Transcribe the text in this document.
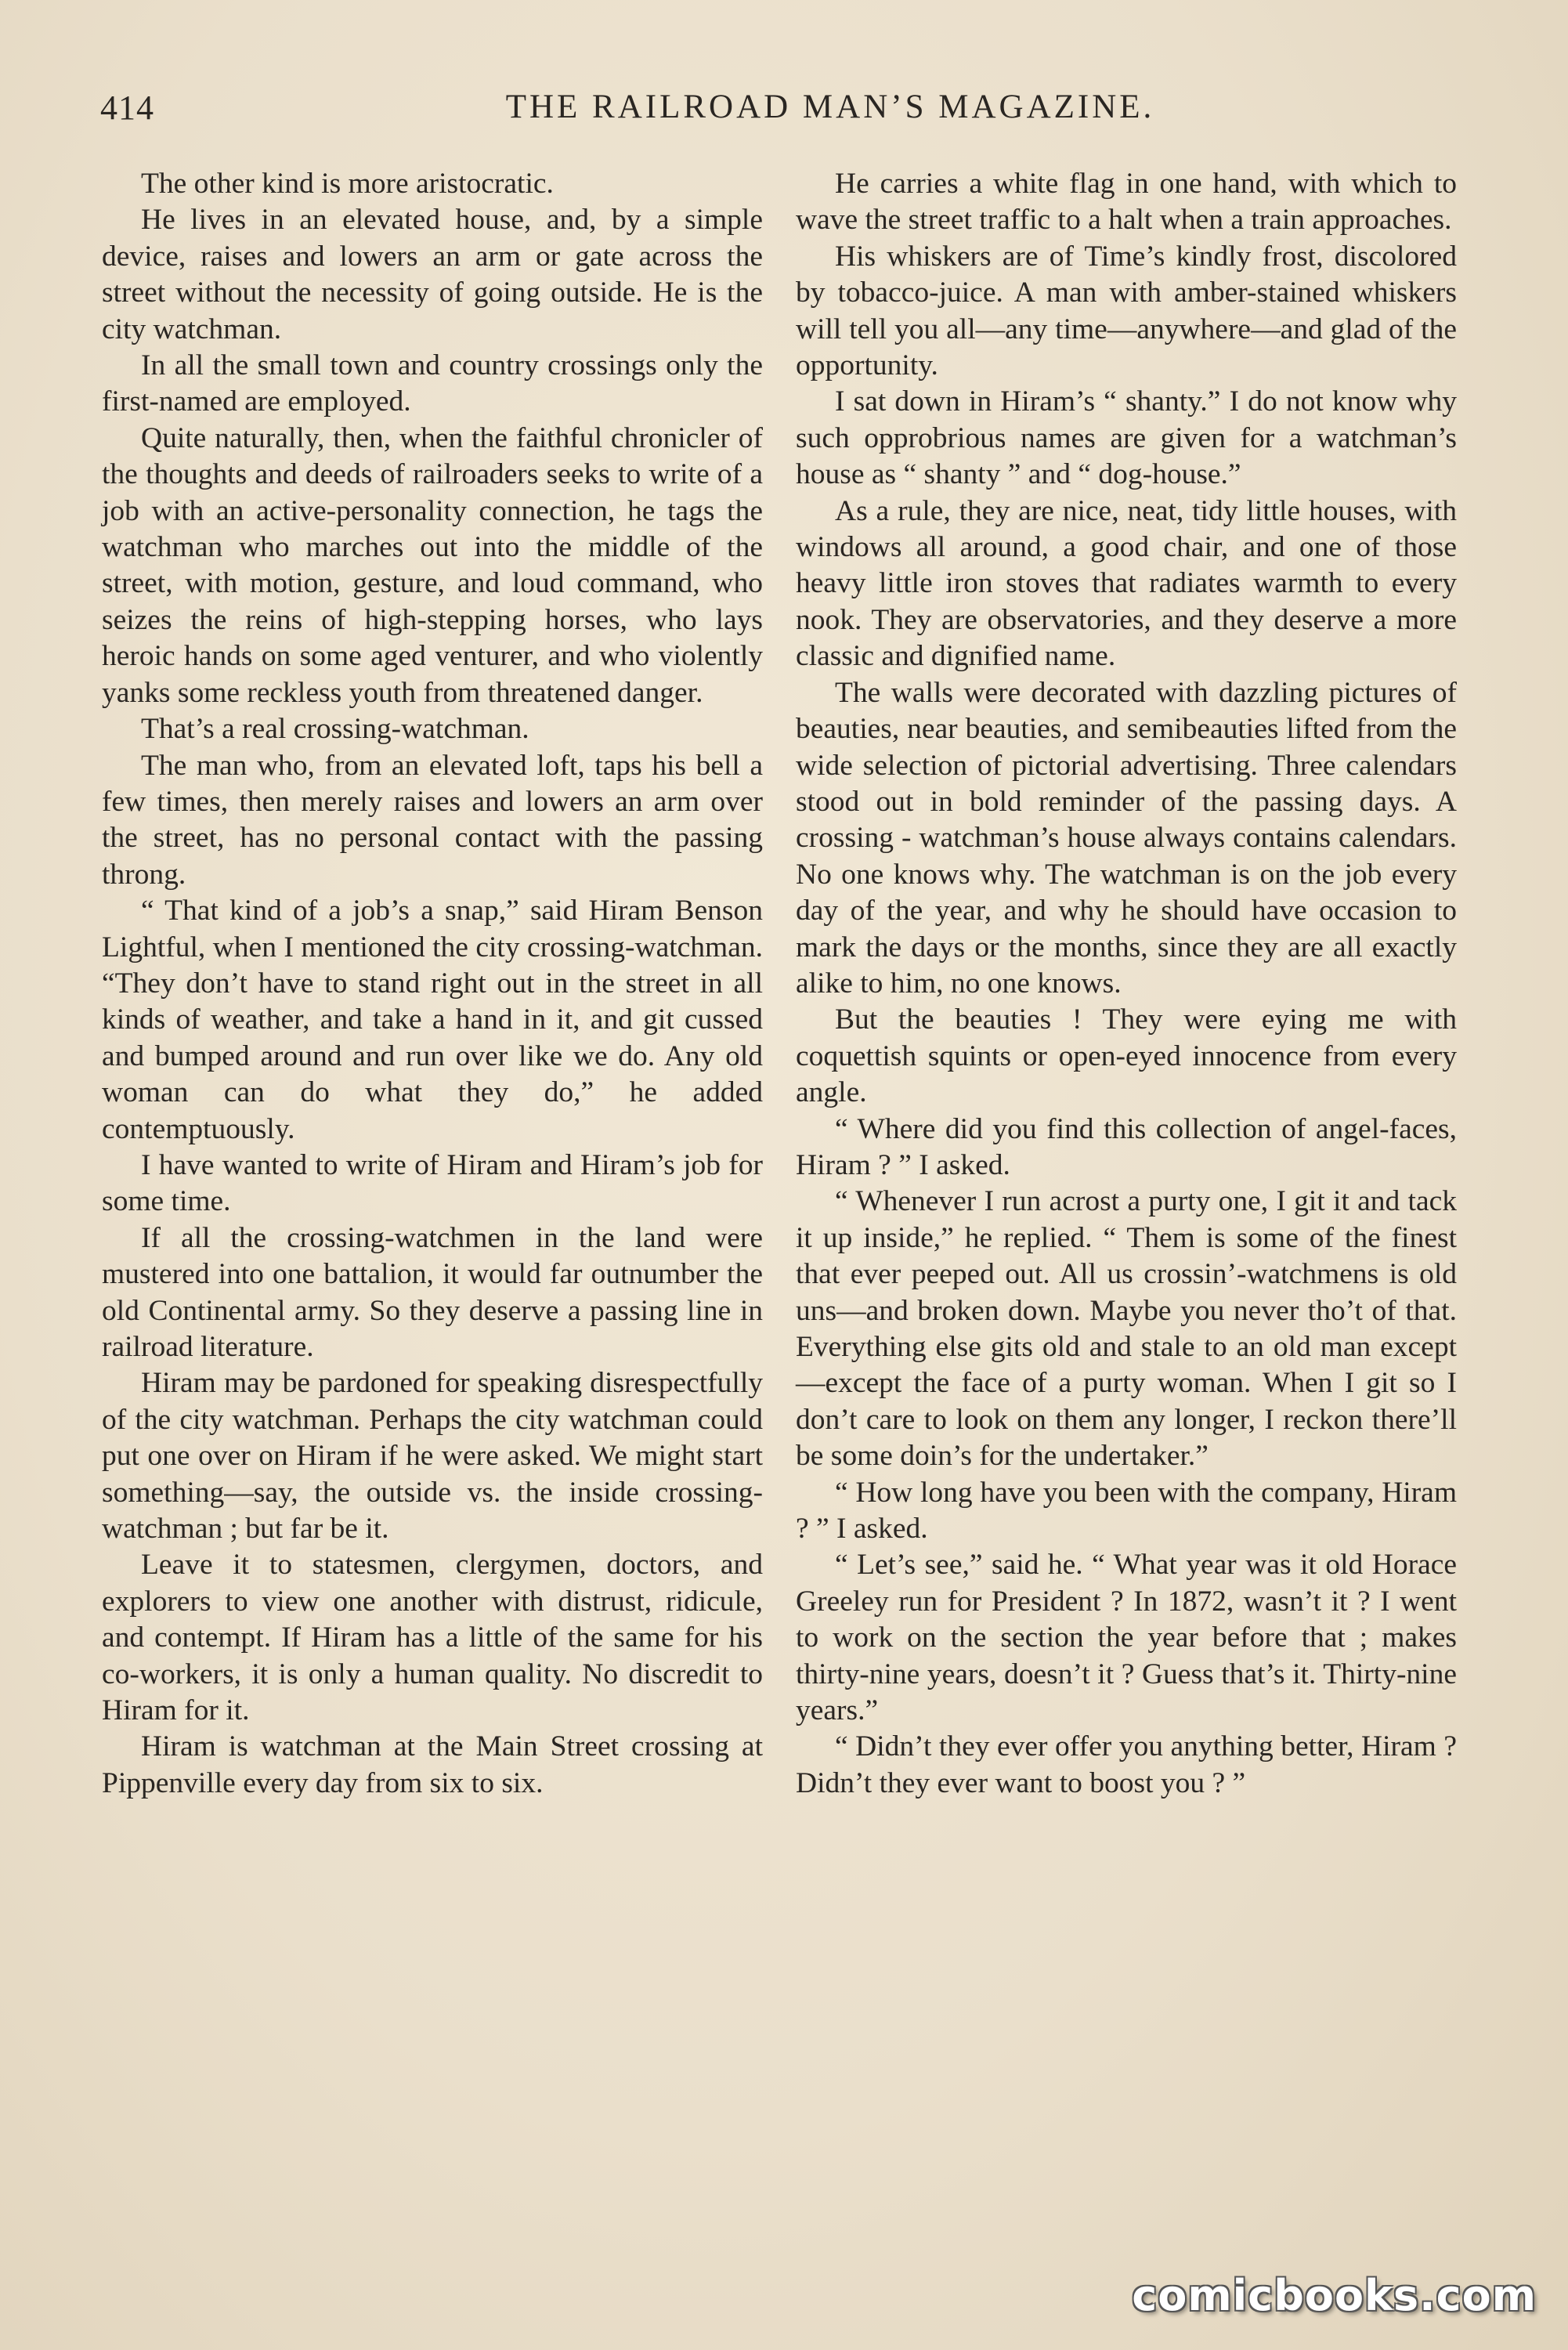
414	THE RAILROAD MAN’S MAGAZINE.

The other kind is more aristocratic.

He lives in an elevated house, and, by a simple device, raises and lowers an arm or gate across the street without the necessity of going outside. He is the city watchman.

In all the small town and country crossings only the first-named are employed.

Quite naturally, then, when the faithful chronicler of the thoughts and deeds of railroaders seeks to write of a job with an active-personality connection, he tags the watchman who marches out into the middle of the street, with motion, gesture, and loud command, who seizes the reins of high-stepping horses, who lays heroic hands on some aged venturer, and who violently yanks some reckless youth from threatened danger.

That’s a real crossing-watchman.

The man who, from an elevated loft, taps his bell a few times, then merely raises and lowers an arm over the street, has no personal contact with the passing throng.

“ That kind of a job’s a snap,” said Hiram Benson Lightful, when I mentioned the city crossing-watchman. “They don’t have to stand right out in the street in all kinds of weather, and take a hand in it, and git cussed and bumped around and run over like we do. Any old woman can do what they do,” he added contemptuously.

I have wanted to write of Hiram and Hiram’s job for some time.

If all the crossing-watchmen in the land were mustered into one battalion, it would far outnumber the old Continental army. So they deserve a passing line in railroad literature.

Hiram may be pardoned for speaking disrespectfully of the city watchman. Perhaps the city watchman could put one over on Hiram if he were asked. We might start something—say, the outside vs. the inside crossing-watchman ; but far be it.

Leave it to statesmen, clergymen, doctors, and explorers to view one another with distrust, ridicule, and contempt. If Hiram has a little of the same for his co-workers, it is only a human quality. No discredit to Hiram for it.

Hiram is watchman at the Main Street crossing at Pippenville every day from six to six.

He carries a white flag in one hand, with which to wave the street traffic to a halt when a train approaches.

His whiskers are of Time’s kindly frost, discolored by tobacco-juice. A man with amber-stained whiskers will tell you all—any time—anywhere—and glad of the opportunity.

I sat down in Hiram’s “ shanty.” I do not know why such opprobrious names are given for a watchman’s house as “ shanty ” and “ dog-house.”

As a rule, they are nice, neat, tidy little houses, with windows all around, a good chair, and one of those heavy little iron stoves that radiates warmth to every nook. They are observatories, and they deserve a more classic and dignified name.

The walls were decorated with dazzling pictures of beauties, near beauties, and semibeauties lifted from the wide selection of pictorial advertising. Three calendars stood out in bold reminder of the passing days. A crossing - watchman’s house always contains calendars. No one knows why. The watchman is on the job every day of the year, and why he should have occasion to mark the days or the months, since they are all exactly alike to him, no one knows.

But the beauties ! They were eying me with coquettish squints or open-eyed innocence from every angle.

“ Where did you find this collection of angel-faces, Hiram ? ” I asked.

“ Whenever I run acrost a purty one, I git it and tack it up inside,” he replied. “ Them is some of the finest that ever peeped out. All us crossin’-watchmens is old uns—and broken down. Maybe you never tho’t of that. Everything else gits old and stale to an old man except—except the face of a purty woman. When I git so I don’t care to look on them any longer, I reckon there’ll be some doin’s for the undertaker.”

“ How long have you been with the company, Hiram ? ” I asked.

“ Let’s see,” said he. “ What year was it old Horace Greeley run for President ? In 1872, wasn’t it ? I went to work on the section the year before that ; makes thirty-nine years, doesn’t it ? Guess that’s it. Thirty-nine years.”

“ Didn’t they ever offer you anything better, Hiram ? Didn’t they ever want to boost you ? ”

comicbooks.com
